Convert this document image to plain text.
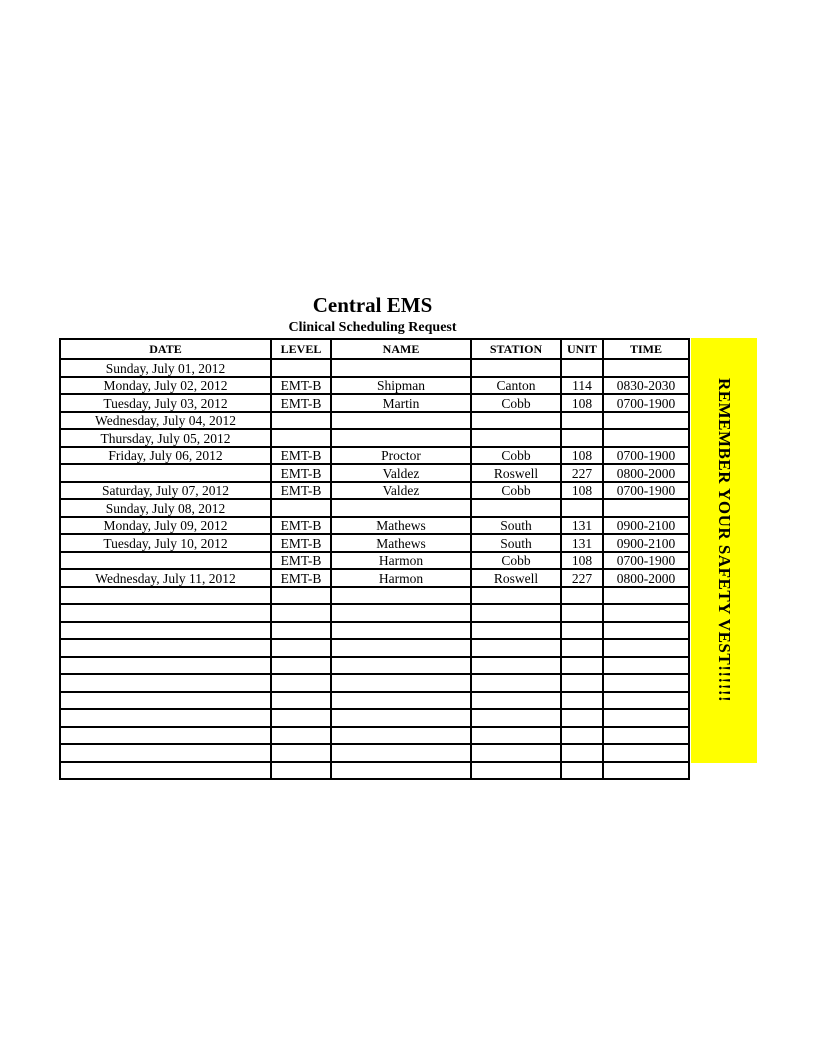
Central EMS
Clinical Scheduling Request
DATE	LEVEL	NAME	STATION	UNIT	TIME
Sunday, July 01, 2012					
Monday, July 02, 2012	EMT-B	Shipman	Canton	114	0830-2030
Tuesday, July 03, 2012	EMT-B	Martin	Cobb	108	0700-1900
Wednesday, July 04, 2012					
Thursday, July 05, 2012					
Friday, July 06, 2012	EMT-B	Proctor	Cobb	108	0700-1900
	EMT-B	Valdez	Roswell	227	0800-2000
Saturday, July 07, 2012	EMT-B	Valdez	Cobb	108	0700-1900
Sunday, July 08, 2012					
Monday, July 09, 2012	EMT-B	Mathews	South	131	0900-2100
Tuesday, July 10, 2012	EMT-B	Mathews	South	131	0900-2100
	EMT-B	Harmon	Cobb	108	0700-1900
Wednesday, July 11, 2012	EMT-B	Harmon	Roswell	227	0800-2000

						REMEMBER YOUR SAFETY VEST!!!!!!
